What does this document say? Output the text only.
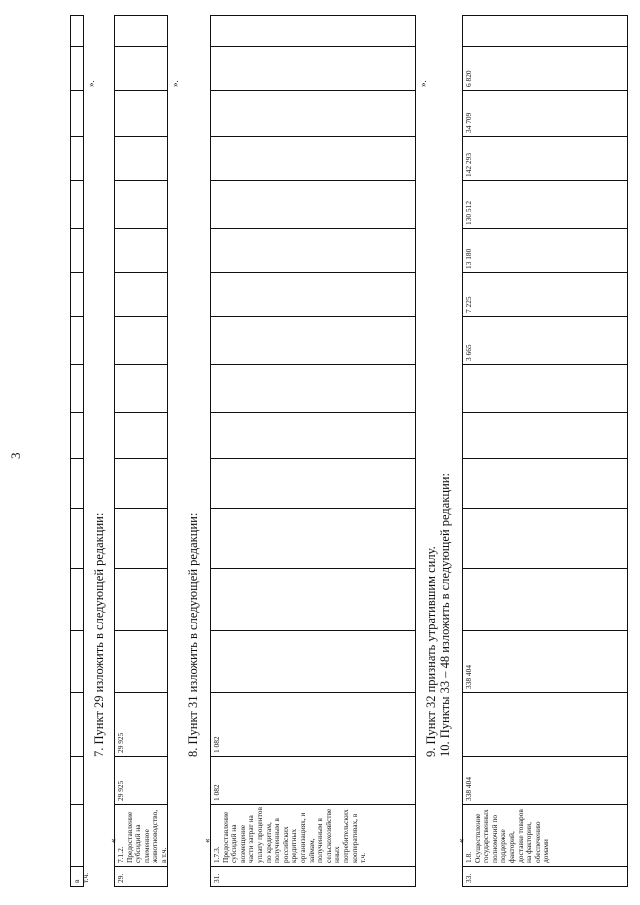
3
в т.ч.
».
7. Пункт 29 изложить в следующей редакции:
«
29.
7.1.2. Предоставление субсидий на племенное животноводство, в т.ч.
29 925
29 925
».
8. Пункт 31 изложить в следующей редакции:
«
31.
1.7.3. Предоставление субсидий на возмещение части затрат на уплату процентов по кредитам, полученным в российских кредитных организациях, и займам, полученным в сельскохозяйственных потребительских кооперативах, в т.ч.
1 082
1 082
».
9. Пункт 32 признать утратившим силу. 10. Пункты 33 – 48 изложить в следующей редакции:
«
33.
1.8. Осуществление государственных полномочий по поддержке факторий, доставке товаров на фактории, обеспечению домами
338 404
338 404
3 665
7 225
13 180
130 512
142 293
34 709
6 820
